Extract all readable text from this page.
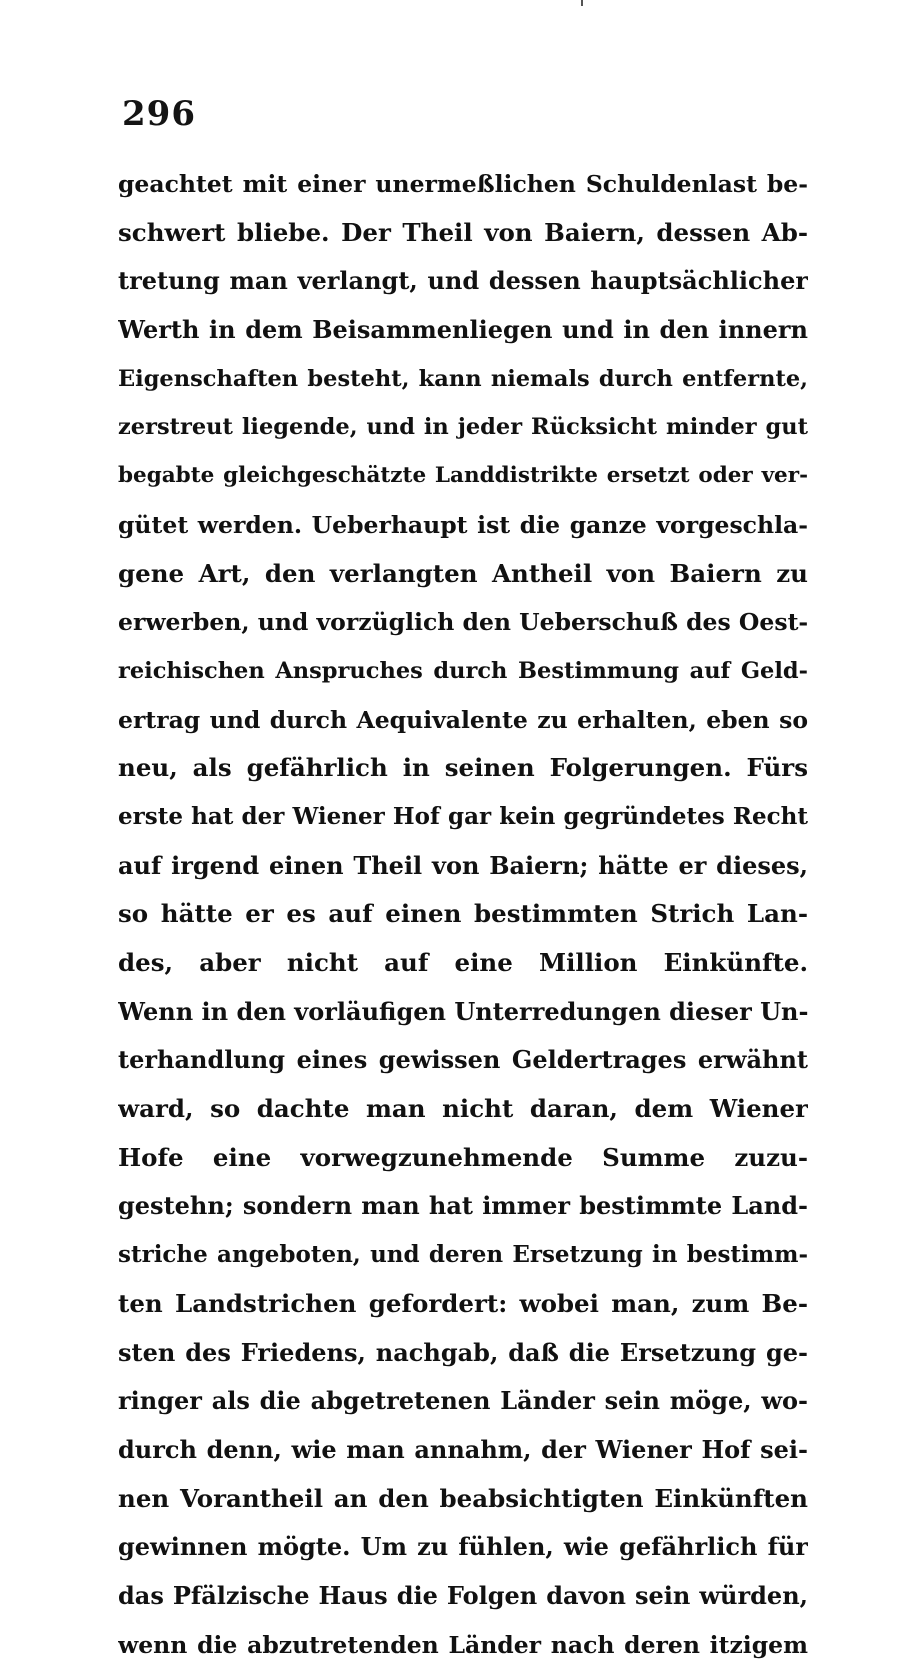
296
geachtet mit einer unermeßlichen Schuldenlast be-
schwert bliebe. Der Theil von Baiern, dessen Ab-
tretung man verlangt, und dessen hauptsächlicher
Werth in dem Beisammenliegen und in den innern
Eigenschaften besteht, kann niemals durch entfernte,
zerstreut liegende, und in jeder Rücksicht minder gut
begabte gleichgeschätzte Landdistrikte ersetzt oder ver-
gütet werden. Ueberhaupt ist die ganze vorgeschla-
gene Art, den verlangten Antheil von Baiern zu
erwerben, und vorzüglich den Ueberschuß des Oest-
reichischen Anspruches durch Bestimmung auf Geld-
ertrag und durch Aequivalente zu erhalten, eben so
neu, als gefährlich in seinen Folgerungen. Fürs
erste hat der Wiener Hof gar kein gegründetes Recht
auf irgend einen Theil von Baiern; hätte er dieses,
so hätte er es auf einen bestimmten Strich Lan-
des, aber nicht auf eine Million Einkünfte.
Wenn in den vorläufigen Unterredungen dieser Un-
terhandlung eines gewissen Geldertrages erwähnt
ward, so dachte man nicht daran, dem Wiener
Hofe eine vorwegzunehmende Summe zuzu-
gestehn; sondern man hat immer bestimmte Land-
striche angeboten, und deren Ersetzung in bestimm-
ten Landstrichen gefordert: wobei man, zum Be-
sten des Friedens, nachgab, daß die Ersetzung ge-
ringer als die abgetretenen Länder sein möge, wo-
durch denn, wie man annahm, der Wiener Hof sei-
nen Vorantheil an den beabsichtigten Einkünften
gewinnen mögte. Um zu fühlen, wie gefährlich für
das Pfälzische Haus die Folgen davon sein würden,
wenn die abzutretenden Länder nach deren itzigem
